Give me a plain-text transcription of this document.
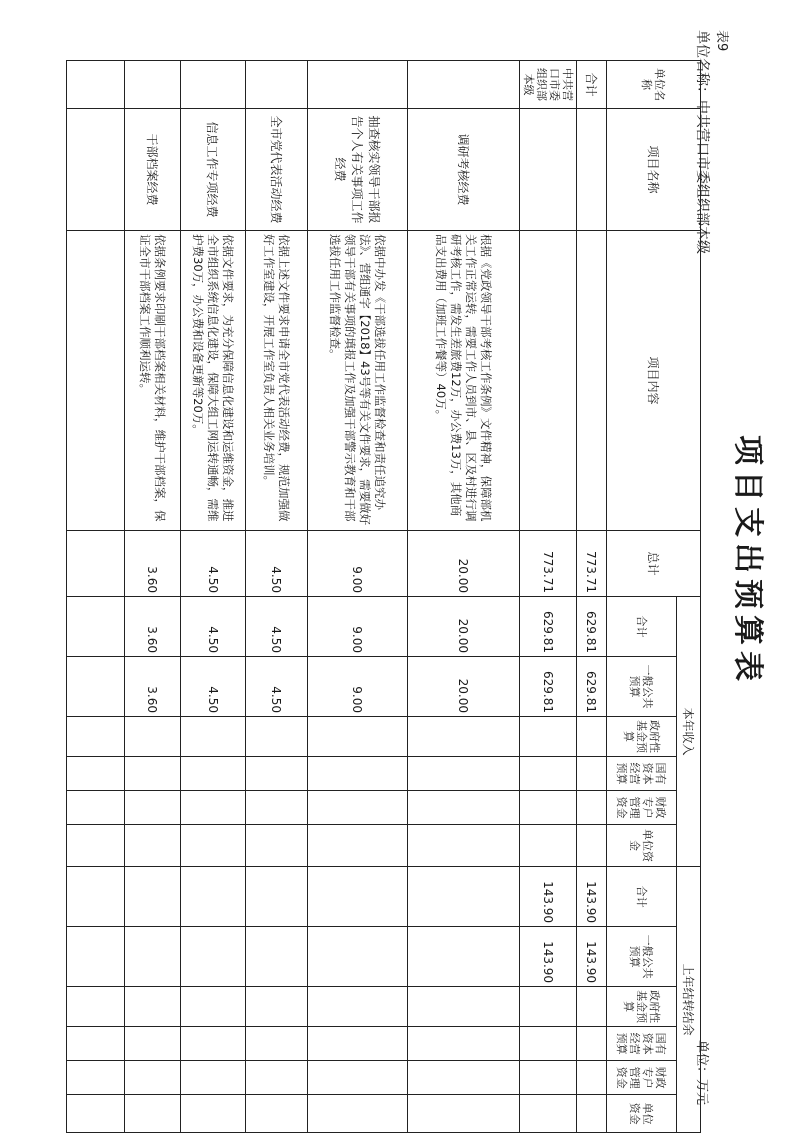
项目支出预算表
表9
单位名称：中共营口市委组织部本级
单位：万元
单位名称	项目名称	项目内容	总计	本年收入						上年结转结余					
				合计	一般公共预算	政府性基金预算	国有资本经营预算	财政专户管理资金	单位资金	合计	一般公共预算	政府性基金预算	国有资本经营预算	财政专户管理资金	单位资金
合计			773.71	629.81	629.81					143.90	143.90				
中共营口市委组织部本级			773.71	629.81	629.81					143.90	143.90				
	调研考核经费	根据《党政领导干部考核工作条例》文件精神，保障部机关工作正常运转，需要工作人员到市、县、区及村进行调研考核工作，需发生差旅费12万，办公费13万，其他商品支出费用（加班工作餐等）40万。	20.00	20.00	20.00										
	抽查核实领导干部报告个人有关事项工作经费	依据中办发《干部选拔任用工作监督检查和责任追究办法》、营组通字【2018】43号等有关文件要求，需要做好领导干部有关事项的填报工作及加强干部警示教育和干部选拔任用工作监督检查。	9.00	9.00	9.00										
	全市党代表活动经费	依据上述文件要求申请全市党代表活动经费，规范加强做好工作室建设，开展工作室负责人相关业务培训。	4.50	4.50	4.50										
	信息工作专项经费	依据文件要求，为充分保障信息化建设和运维资金，推进全市组织系统信息化建设，保障大组工网运转通畅，需维护费30万，办公费和设备更新等20万。	4.50	4.50	4.50										
	干部档案经费	依据条例要求印刷干部档案相关材料，维护干部档案，保证全市干部档案工作顺利运转。	3.60	3.60	3.60										
